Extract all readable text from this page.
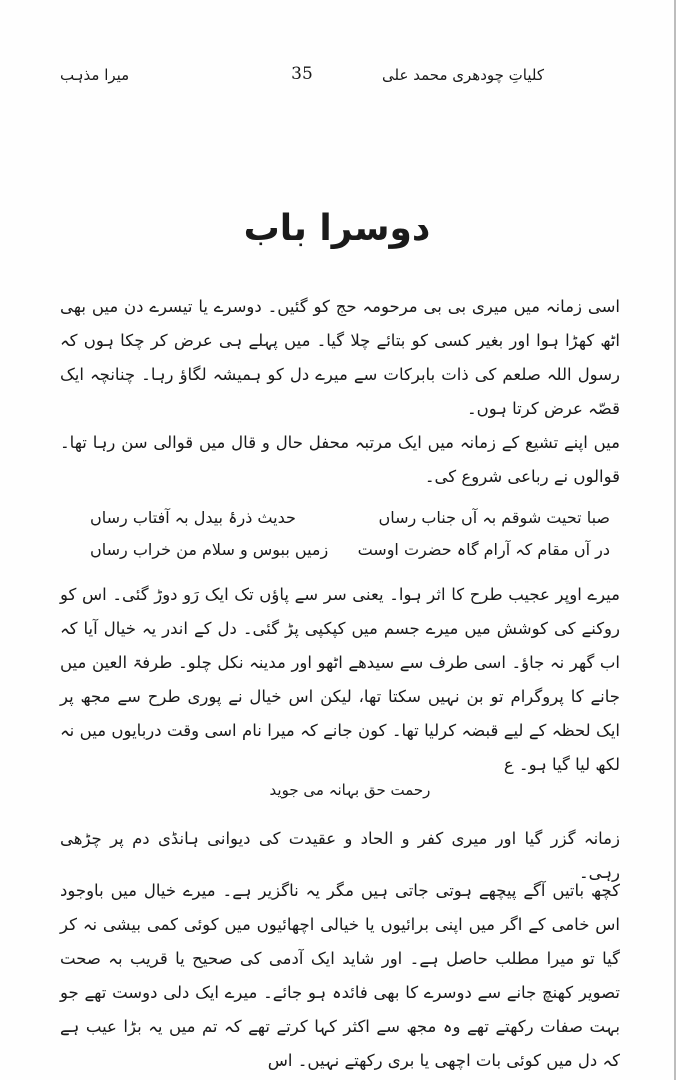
کلیاتِ چودھری محمد علی
35
میرا مذہب
دوسرا باب

اسی زمانہ میں میری بی بی مرحومہ حج کو گئیں۔ دوسرے یا تیسرے دن میں بھی اٹھ کھڑا ہوا اور بغیر کسی کو بتائے چلا گیا۔ میں پہلے ہی عرض کر چکا ہوں کہ رسول اللہ صلعم کی ذات بابرکات سے میرے دل کو ہمیشہ لگاؤ رہا۔ چنانچہ ایک قصّہ عرض کرتا ہوں۔

میں اپنے تشیع کے زمانہ میں ایک مرتبہ محفل حال و قال میں قوالی سن رہا تھا۔ قوالوں نے رباعی شروع کی۔

صبا تحیت شوقم بہ آں جناب رساں
حدیث ذرۂ بیدل بہ آفتاب رساں
در آں مقام کہ آرام گاہ حضرت اوست
زمیں ببوس و سلام من خراب رساں

میرے اوپر عجیب طرح کا اثر ہوا۔ یعنی سر سے پاؤں تک ایک رَو دوڑ گئی۔ اس کو روکنے کی کوشش میں میرے جسم میں کپکپی پڑ گئی۔ دل کے اندر یہ خیال آیا کہ اب گھر نہ جاؤ۔ اسی طرف سے سیدھے اٹھو اور مدینہ نکل چلو۔ طرفۃ العین میں جانے کا پروگرام تو بن نہیں سکتا تھا، لیکن اس خیال نے پوری طرح سے مجھ پر ایک لحظہ کے لیے قبضہ کرلیا تھا۔ کون جانے کہ میرا نام اسی وقت دربایوں میں نہ لکھ لیا گیا ہو۔ ع

رحمت حق بہانہ می جوید

زمانہ گزر گیا اور میری کفر و الحاد و عقیدت کی دیوانی ہانڈی دم پر چڑھی رہی۔

کچھ باتیں آگے پیچھے ہوتی جاتی ہیں مگر یہ ناگزیر ہے۔ میرے خیال میں باوجود اس خامی کے اگر میں اپنی برائیوں یا خیالی اچھائیوں میں کوئی کمی بیشی نہ کر گیا تو میرا مطلب حاصل ہے۔ اور شاید ایک آدمی کی صحیح یا قریب بہ صحت تصویر کھنچ جانے سے دوسرے کا بھی فائدہ ہو جائے۔ میرے ایک دلی دوست تھے جو بہت صفات رکھتے تھے وہ مجھ سے اکثر کہا کرتے تھے کہ تم میں یہ بڑا عیب ہے کہ دل میں کوئی بات اچھی یا بری رکھتے نہیں۔ اس
